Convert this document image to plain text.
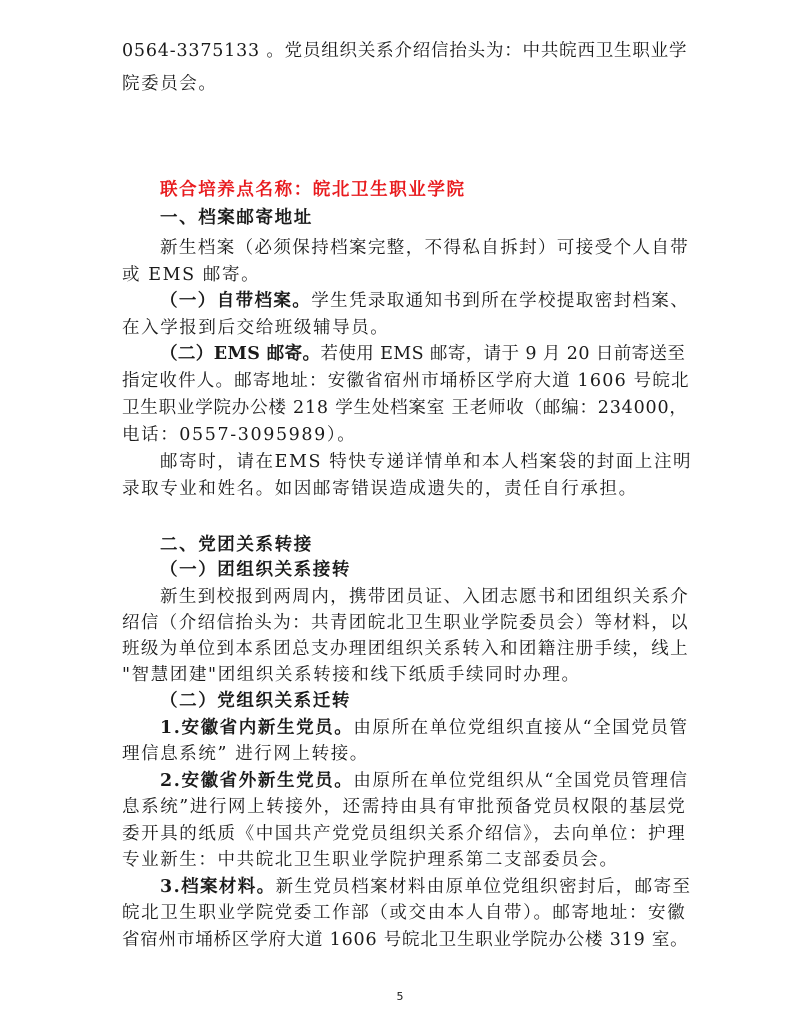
0564-3375133 。党员组织关系介绍信抬头为：中共皖西卫生职业学
院委员会。
联合培养点名称：皖北卫生职业学院
一、档案邮寄地址
新生档案（必须保持档案完整，不得私自拆封）可接受个人自带
或 EMS 邮寄。
（一）自带档案。学生凭录取通知书到所在学校提取密封档案、
在入学报到后交给班级辅导员。
（二）EMS 邮寄。若使用 EMS 邮寄，请于 9 月 20 日前寄送至
指定收件人。邮寄地址：安徽省宿州市埇桥区学府大道 1606 号皖北
卫生职业学院办公楼 218 学生处档案室 王老师收（邮编：234000，
电话：0557-3095989）。
邮寄时，请在EMS 特快专递详情单和本人档案袋的封面上注明
录取专业和姓名。如因邮寄错误造成遗失的，责任自行承担。
二、党团关系转接
（一）团组织关系接转
新生到校报到两周内，携带团员证、入团志愿书和团组织关系介
绍信（介绍信抬头为：共青团皖北卫生职业学院委员会）等材料，以
班级为单位到本系团总支办理团组织关系转入和团籍注册手续，线上
"智慧团建"团组织关系转接和线下纸质手续同时办理。
（二）党组织关系迁转
1.安徽省内新生党员。由原所在单位党组织直接从“全国党员管
理信息系统” 进行网上转接。
2.安徽省外新生党员。由原所在单位党组织从“全国党员管理信
息系统”进行网上转接外，还需持由具有审批预备党员权限的基层党
委开具的纸质《中国共产党党员组织关系介绍信》，去向单位：护理
专业新生：中共皖北卫生职业学院护理系第二支部委员会。
3.档案材料。新生党员档案材料由原单位党组织密封后，邮寄至
皖北卫生职业学院党委工作部（或交由本人自带）。邮寄地址：安徽
省宿州市埇桥区学府大道 1606 号皖北卫生职业学院办公楼 319 室。
5
